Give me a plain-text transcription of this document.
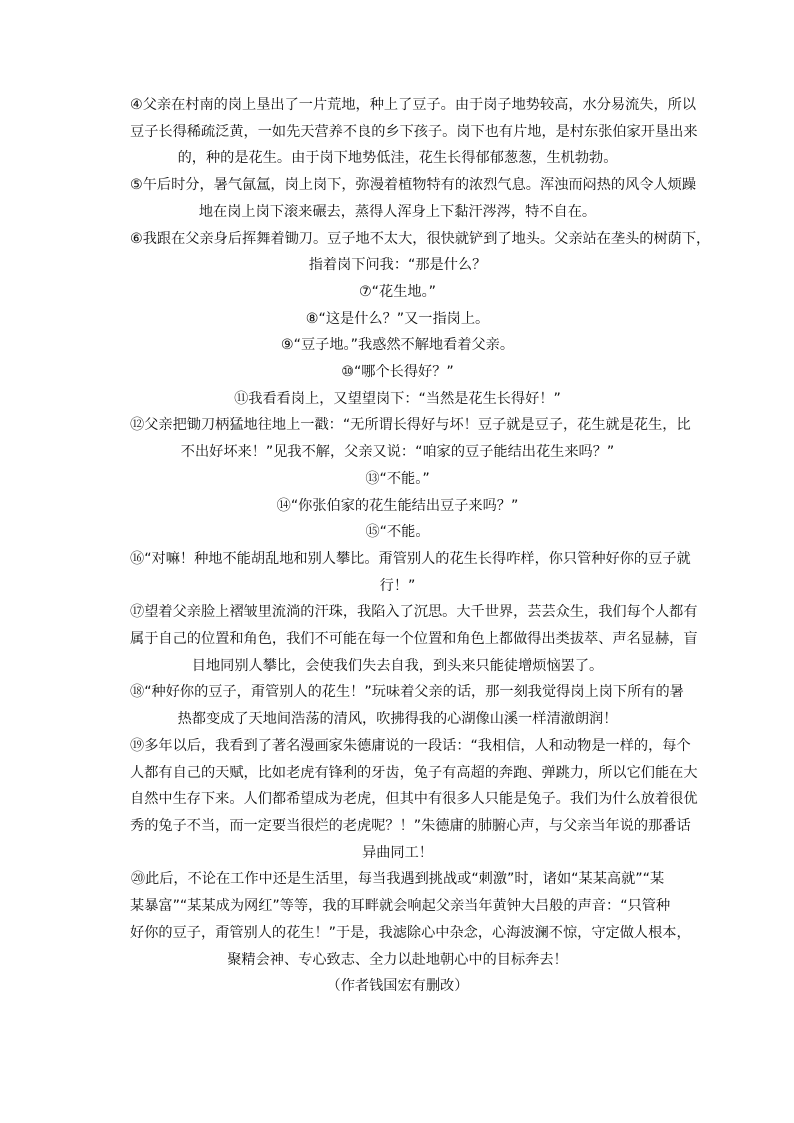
④父亲在村南的岗上垦出了一片荒地，种上了豆子。由于岗子地势较高，水分易流失，所以
豆子长得稀疏泛黄，一如先天营养不良的乡下孩子。岗下也有片地，是村东张伯家开垦出来
的，种的是花生。由于岗下地势低洼，花生长得郁郁葱葱，生机勃勃。

⑤午后时分，暑气氤氲，岗上岗下，弥漫着植物特有的浓烈气息。浑浊而闷热的风令人烦躁
地在岗上岗下滚来碾去，蒸得人浑身上下黏汗涔涔，特不自在。

⑥我跟在父亲身后挥舞着锄刀。豆子地不太大，很快就铲到了地头。父亲站在垄头的树荫下，
指着岗下问我：“那是什么？

⑦“花生地。”

⑧“这是什么？”又一指岗上。

⑨“豆子地。”我惑然不解地看着父亲。

⑩“哪个长得好？”

⑪我看看岗上，又望望岗下：“当然是花生长得好！”

⑫父亲把锄刀柄猛地往地上一戳：“无所谓长得好与坏！豆子就是豆子，花生就是花生，比
不出好坏来！”见我不解，父亲又说：“咱家的豆子能结出花生来吗？”

⑬“不能。”

⑭“你张伯家的花生能结出豆子来吗？”

⑮“不能。

⑯“对嘛！种地不能胡乱地和别人攀比。甭管别人的花生长得咋样，你只管种好你的豆子就
行！”

⑰望着父亲脸上褶皱里流淌的汗珠，我陷入了沉思。大千世界，芸芸众生，我们每个人都有
属于自己的位置和角色，我们不可能在每一个位置和角色上都做得出类拔萃、声名显赫，盲
目地同别人攀比，会使我们失去自我，到头来只能徒增烦恼罢了。

⑱“种好你的豆子，甭管别人的花生！”玩味着父亲的话，那一刻我觉得岗上岗下所有的暑
热都变成了天地间浩荡的清风，吹拂得我的心湖像山溪一样清澈朗润！

⑲多年以后，我看到了著名漫画家朱德庸说的一段话：“我相信，人和动物是一样的，每个
人都有自己的天赋，比如老虎有锋利的牙齿，兔子有高超的奔跑、弹跳力，所以它们能在大
自然中生存下来。人们都希望成为老虎，但其中有很多人只能是兔子。我们为什么放着很优
秀的兔子不当，而一定要当很烂的老虎呢？！”朱德庸的肺腑心声，与父亲当年说的那番话
异曲同工！

⑳此后，不论在工作中还是生活里，每当我遇到挑战或“刺激”时，诸如“某某高就”“某
某暴富”“某某成为网红”等等，我的耳畔就会响起父亲当年黄钟大吕般的声音：“只管种
好你的豆子，甭管别人的花生！”于是，我滤除心中杂念，心海波澜不惊，守定做人根本，
聚精会神、专心致志、全力以赴地朝心中的目标奔去！

（作者钱国宏有删改）
